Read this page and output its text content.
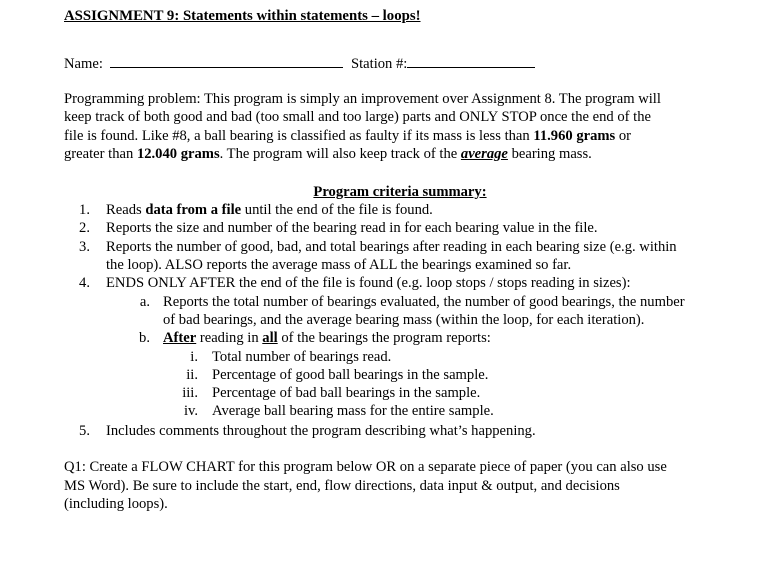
ASSIGNMENT 9: Statements within statements – loops!
Name:	Station #:
Programming problem: This program is simply an improvement over Assignment 8. The program will
keep track of both good and bad (too small and too large) parts and ONLY STOP once the end of the
file is found. Like #8, a ball bearing is classified as faulty if its mass is less than 11.960 grams or
greater than 12.040 grams. The program will also keep track of the average bearing mass.
Program criteria summary:
1. Reads data from a file until the end of the file is found.
2. Reports the size and number of the bearing read in for each bearing value in the file.
3. Reports the number of good, bad, and total bearings after reading in each bearing size (e.g. within
the loop). ALSO reports the average mass of ALL the bearings examined so far.
4. ENDS ONLY AFTER the end of the file is found (e.g. loop stops / stops reading in sizes):
a. Reports the total number of bearings evaluated, the number of good bearings, the number
of bad bearings, and the average bearing mass (within the loop, for each iteration).
b. After reading in all of the bearings the program reports:
i. Total number of bearings read.
ii. Percentage of good ball bearings in the sample.
iii. Percentage of bad ball bearings in the sample.
iv. Average ball bearing mass for the entire sample.
5. Includes comments throughout the program describing what’s happening.
Q1: Create a FLOW CHART for this program below OR on a separate piece of paper (you can also use
MS Word). Be sure to include the start, end, flow directions, data input & output, and decisions
(including loops).
